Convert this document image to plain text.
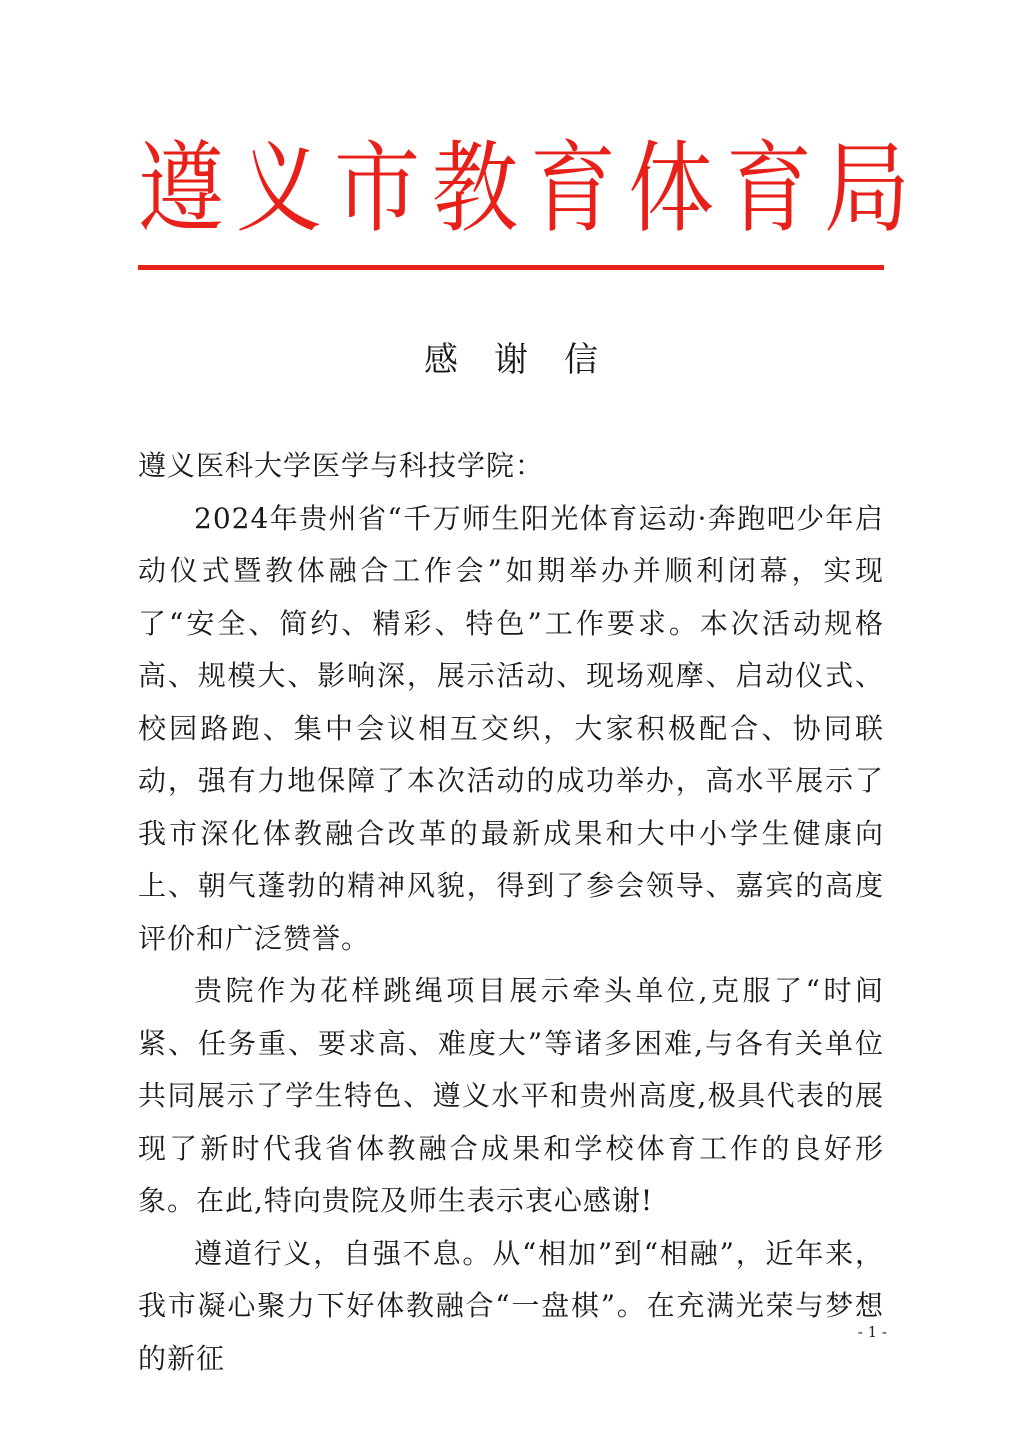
遵义市教育体育局
感谢信

遵义医科大学医学与科技学院：

2024年贵州省“千万师生阳光体育运动·奔跑吧少年启动仪式暨教体融合工作会”如期举办并顺利闭幕，实现了“安全、简约、精彩、特色”工作要求。本次活动规格高、规模大、影响深，展示活动、现场观摩、启动仪式、校园路跑、集中会议相互交织，大家积极配合、协同联动，强有力地保障了本次活动的成功举办，高水平展示了我市深化体教融合改革的最新成果和大中小学生健康向上、朝气蓬勃的精神风貌，得到了参会领导、嘉宾的高度评价和广泛赞誉。

贵院作为花样跳绳项目展示牵头单位,克服了“时间紧、任务重、要求高、难度大”等诸多困难,与各有关单位共同展示了学生特色、遵义水平和贵州高度,极具代表的展现了新时代我省体教融合成果和学校体育工作的良好形象。在此,特向贵院及师生表示衷心感谢!

遵道行义，自强不息。从“相加”到“相融”，近年来，我市凝心聚力下好体教融合“一盘棋”。在充满光荣与梦想的新征

- 1 -
